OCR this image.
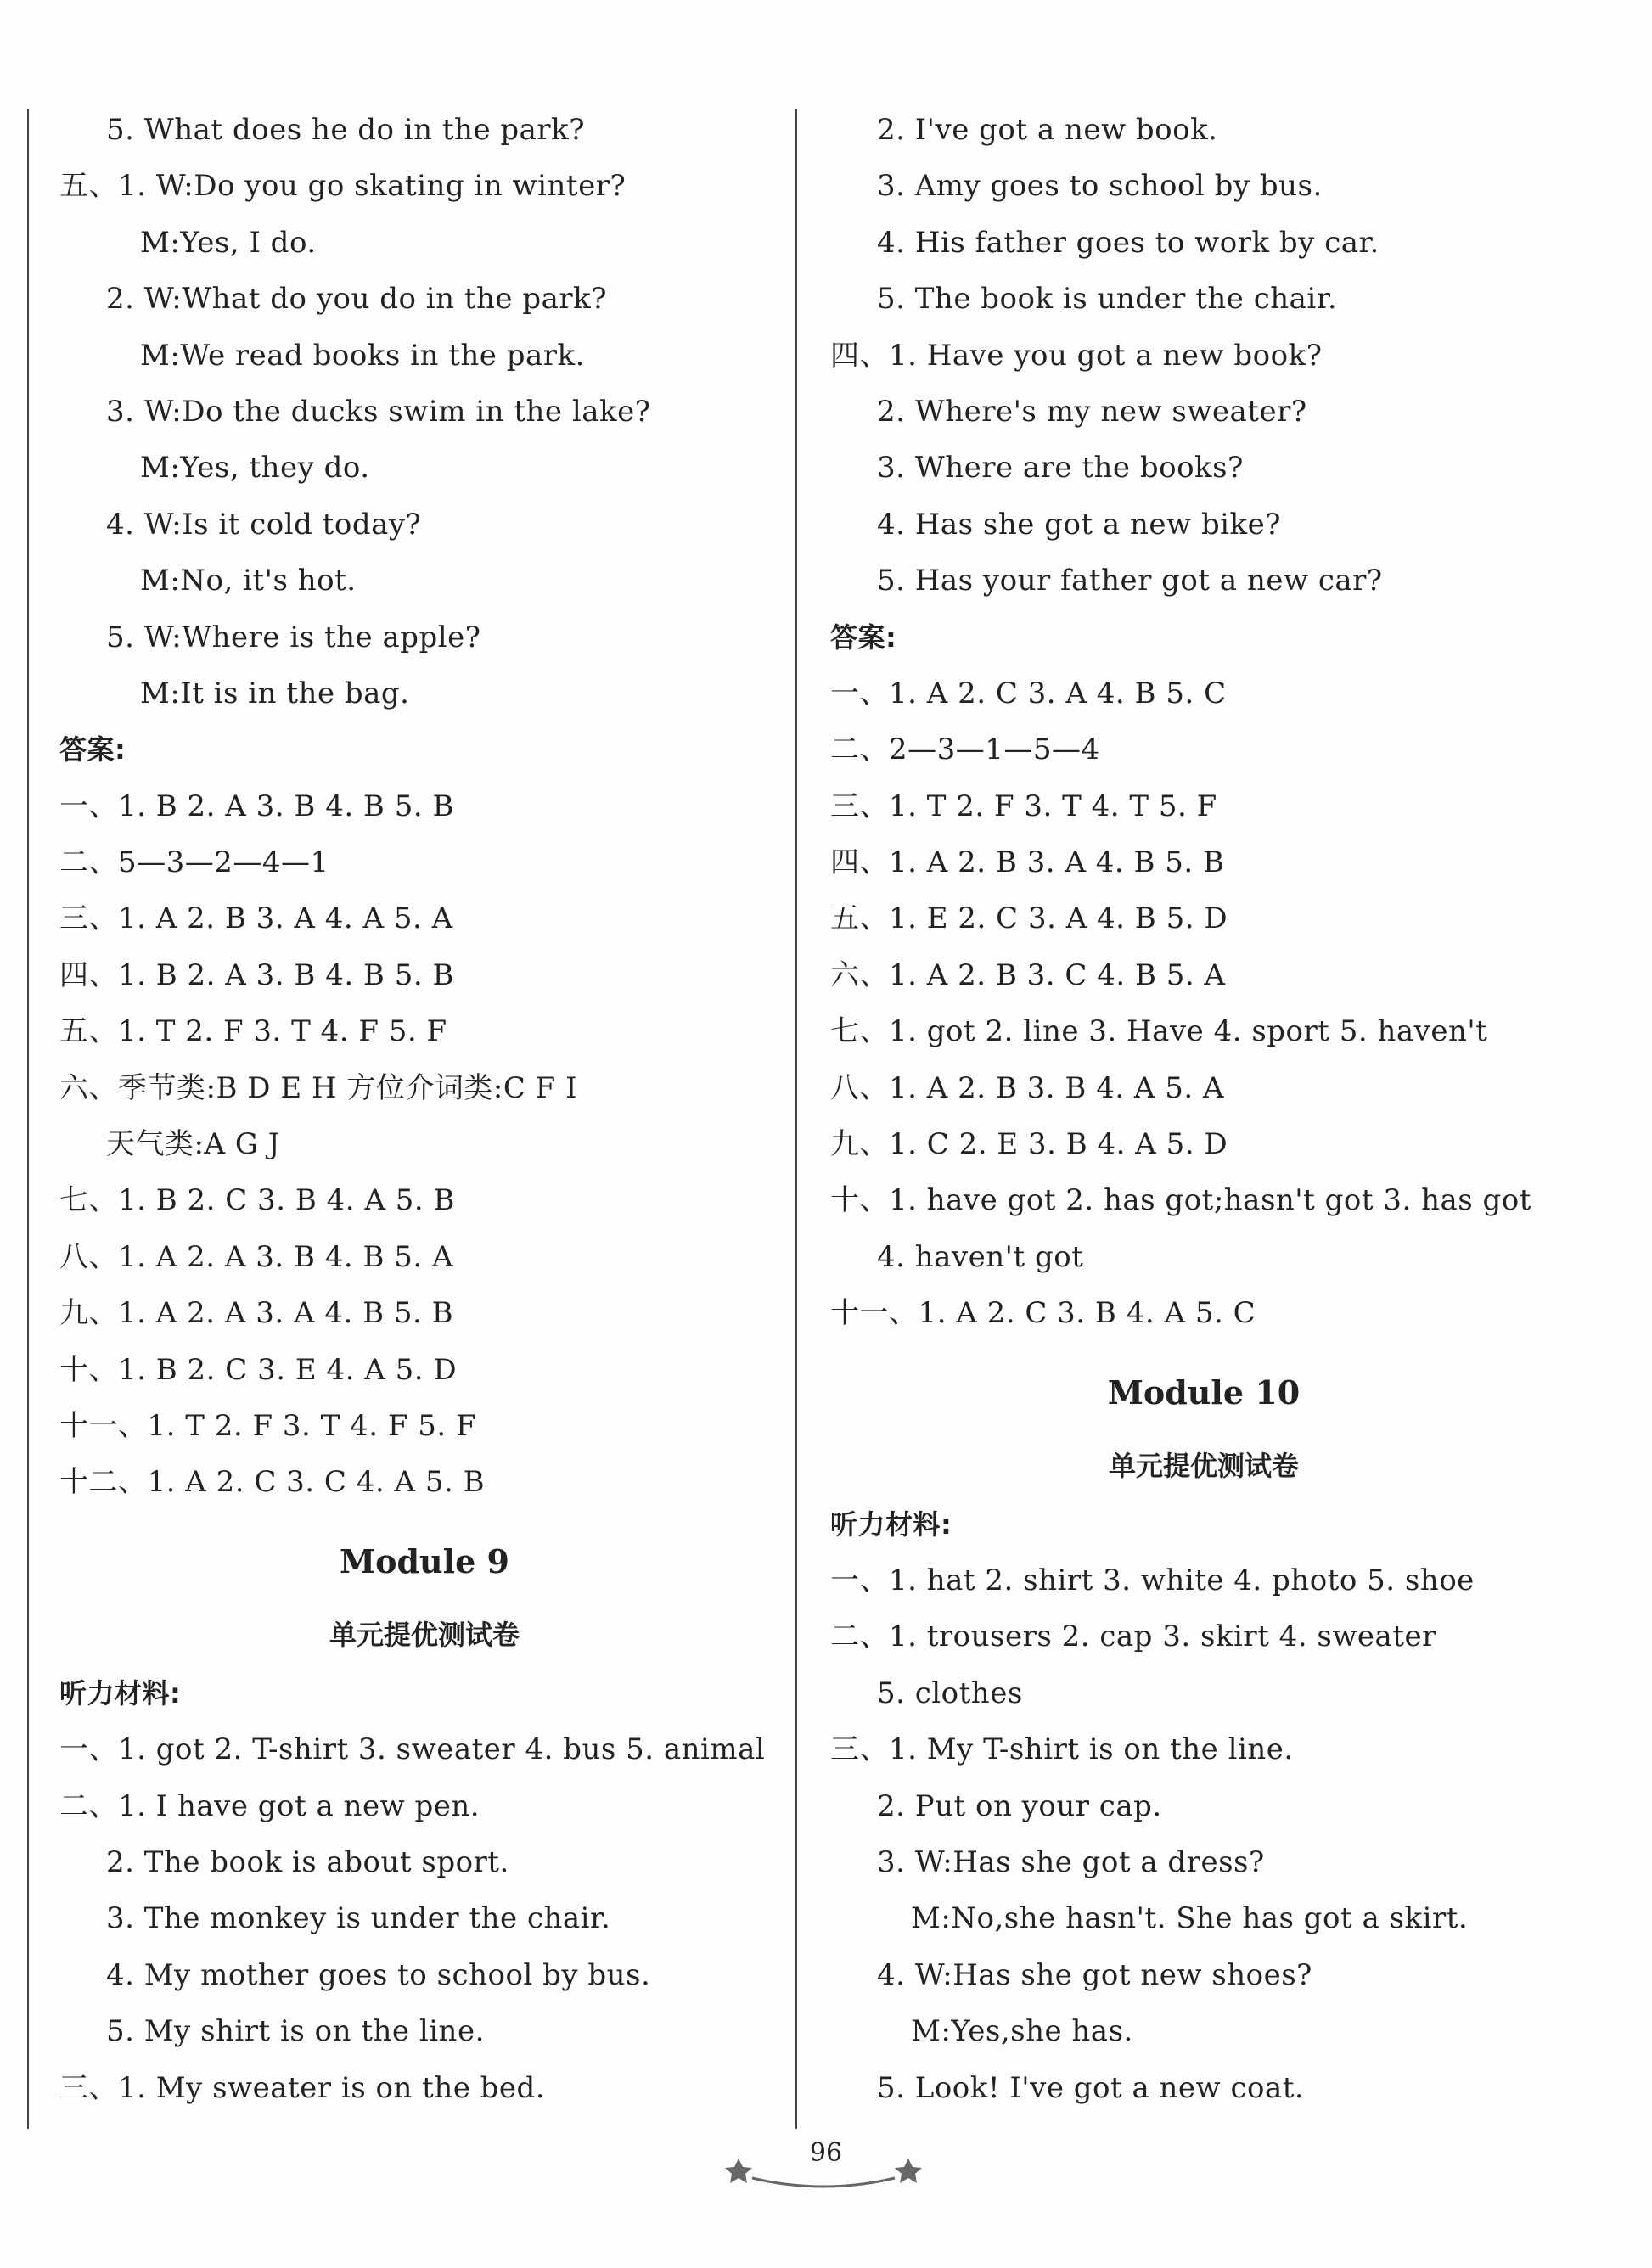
5. What does he do in the park?
五、1. W:Do you go skating in winter?
M:Yes, I do.
2. W:What do you do in the park?
M:We read books in the park.
3. W:Do the ducks swim in the lake?
M:Yes, they do.
4. W:Is it cold today?
M:No, it's hot.
5. W:Where is the apple?
M:It is in the bag.
答案:
一、1. B 2. A 3. B 4. B 5. B
二、5—3—2—4—1
三、1. A 2. B 3. A 4. A 5. A
四、1. B 2. A 3. B 4. B 5. B
五、1. T 2. F 3. T 4. F 5. F
六、季节类:B D E H 方位介词类:C F I
天气类:A G J
七、1. B 2. C 3. B 4. A 5. B
八、1. A 2. A 3. B 4. B 5. A
九、1. A 2. A 3. A 4. B 5. B
十、1. B 2. C 3. E 4. A 5. D
十一、1. T 2. F 3. T 4. F 5. F
十二、1. A 2. C 3. C 4. A 5. B
Module 9
单元提优测试卷
听力材料:
一、1. got 2. T-shirt 3. sweater 4. bus 5. animal
二、1. I have got a new pen.
2. The book is about sport.
3. The monkey is under the chair.
4. My mother goes to school by bus.
5. My shirt is on the line.
三、1. My sweater is on the bed.
2. I've got a new book.
3. Amy goes to school by bus.
4. His father goes to work by car.
5. The book is under the chair.
四、1. Have you got a new book?
2. Where's my new sweater?
3. Where are the books?
4. Has she got a new bike?
5. Has your father got a new car?
答案:
一、1. A 2. C 3. A 4. B 5. C
二、2—3—1—5—4
三、1. T 2. F 3. T 4. T 5. F
四、1. A 2. B 3. A 4. B 5. B
五、1. E 2. C 3. A 4. B 5. D
六、1. A 2. B 3. C 4. B 5. A
七、1. got 2. line 3. Have 4. sport 5. haven't
八、1. A 2. B 3. B 4. A 5. A
九、1. C 2. E 3. B 4. A 5. D
十、1. have got 2. has got;hasn't got 3. has got
4. haven't got
十一、1. A 2. C 3. B 4. A 5. C
Module 10
单元提优测试卷
听力材料:
一、1. hat 2. shirt 3. white 4. photo 5. shoe
二、1. trousers 2. cap 3. skirt 4. sweater
5. clothes
三、1. My T-shirt is on the line.
2. Put on your cap.
3. W:Has she got a dress?
M:No,she hasn't. She has got a skirt.
4. W:Has she got new shoes?
M:Yes,she has.
5. Look! I've got a new coat.
96
